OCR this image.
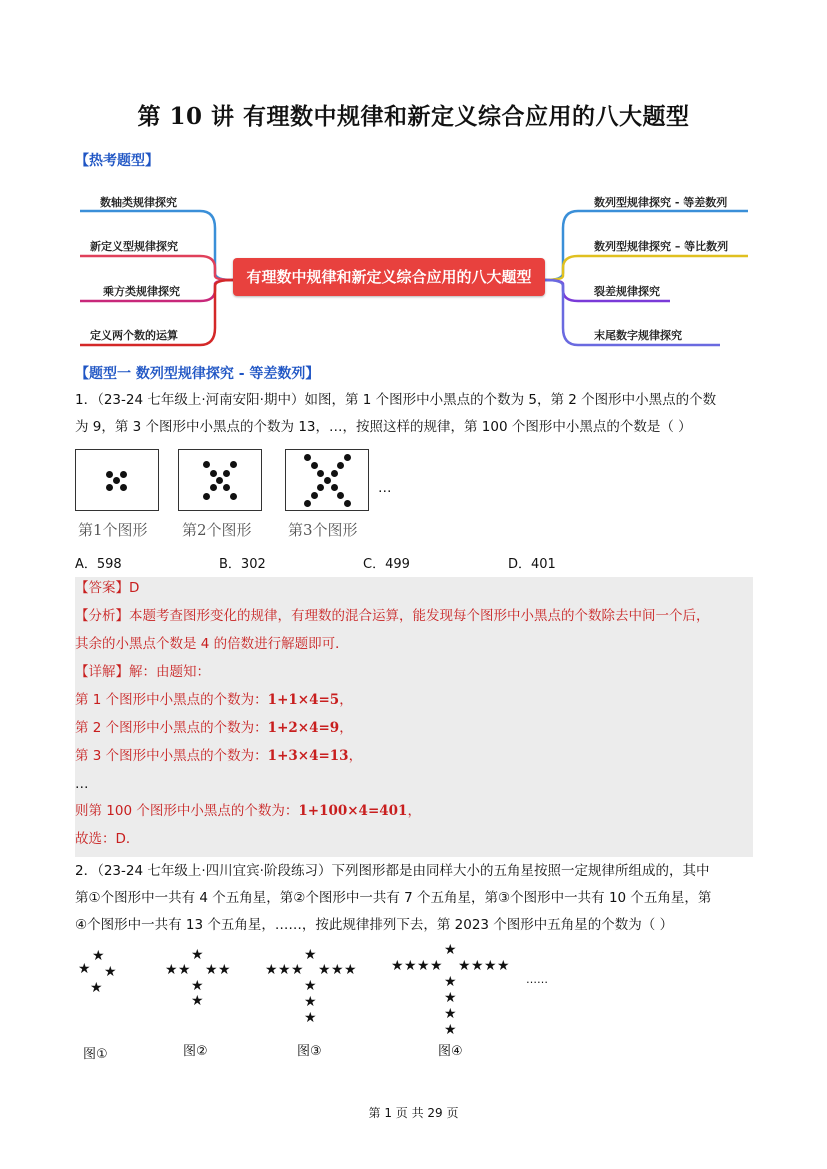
第 10 讲 有理数中规律和新定义综合应用的八大题型
【热考题型】
有理数中规律和新定义综合应用的八大题型
数轴类规律探究
新定义型规律探究
乘方类规律探究
定义两个数的运算
数列型规律探究 - 等差数列
数列型规律探究 – 等比数列
裂差规律探究
末尾数字规律探究
【题型一 数列型规律探究 - 等差数列】
1．（23-24 七年级上·河南安阳·期中）如图，第 1 个图形中小黑点的个数为 5，第 2 个图形中小黑点的个数
为 9，第 3 个图形中小黑点的个数为 13，…，按照这样的规律，第 100 个图形中小黑点的个数是（ ）
…
第1个图形 第2个图形 第3个图形
A．598	B．302	C．499	D．401
【答案】D
【分析】本题考查图形变化的规律，有理数的混合运算，能发现每个图形中小黑点的个数除去中间一个后，
其余的小黑点个数是 4 的倍数进行解题即可．
【详解】解：由题知：
第 1 个图形中小黑点的个数为：1+1×4=5，
第 2 个图形中小黑点的个数为：1+2×4=9，
第 3 个图形中小黑点的个数为：1+3×4=13，
…
则第 100 个图形中小黑点的个数为：1+100×4=401，
故选：D．
2．（23-24 七年级上·四川宜宾·阶段练习）下列图形都是由同样大小的五角星按照一定规律所组成的，其中
第①个图形中一共有 4 个五角星，第②个图形中一共有 7 个五角星，第③个图形中一共有 10 个五角星，第
④个图形中一共有 13 个五角星，……，按此规律排列下去，第 2023 个图形中五角星的个数为（ ）
★
★ ★
★
★
★ ★ ★ ★
★
★
★
★ ★ ★ ★ ★ ★
★
★
★
★
★ ★ ★ ★ ★ ★ ★ ★
★
★
★
★
……
图①	图②	图③	图④
第 1 页 共 29 页
